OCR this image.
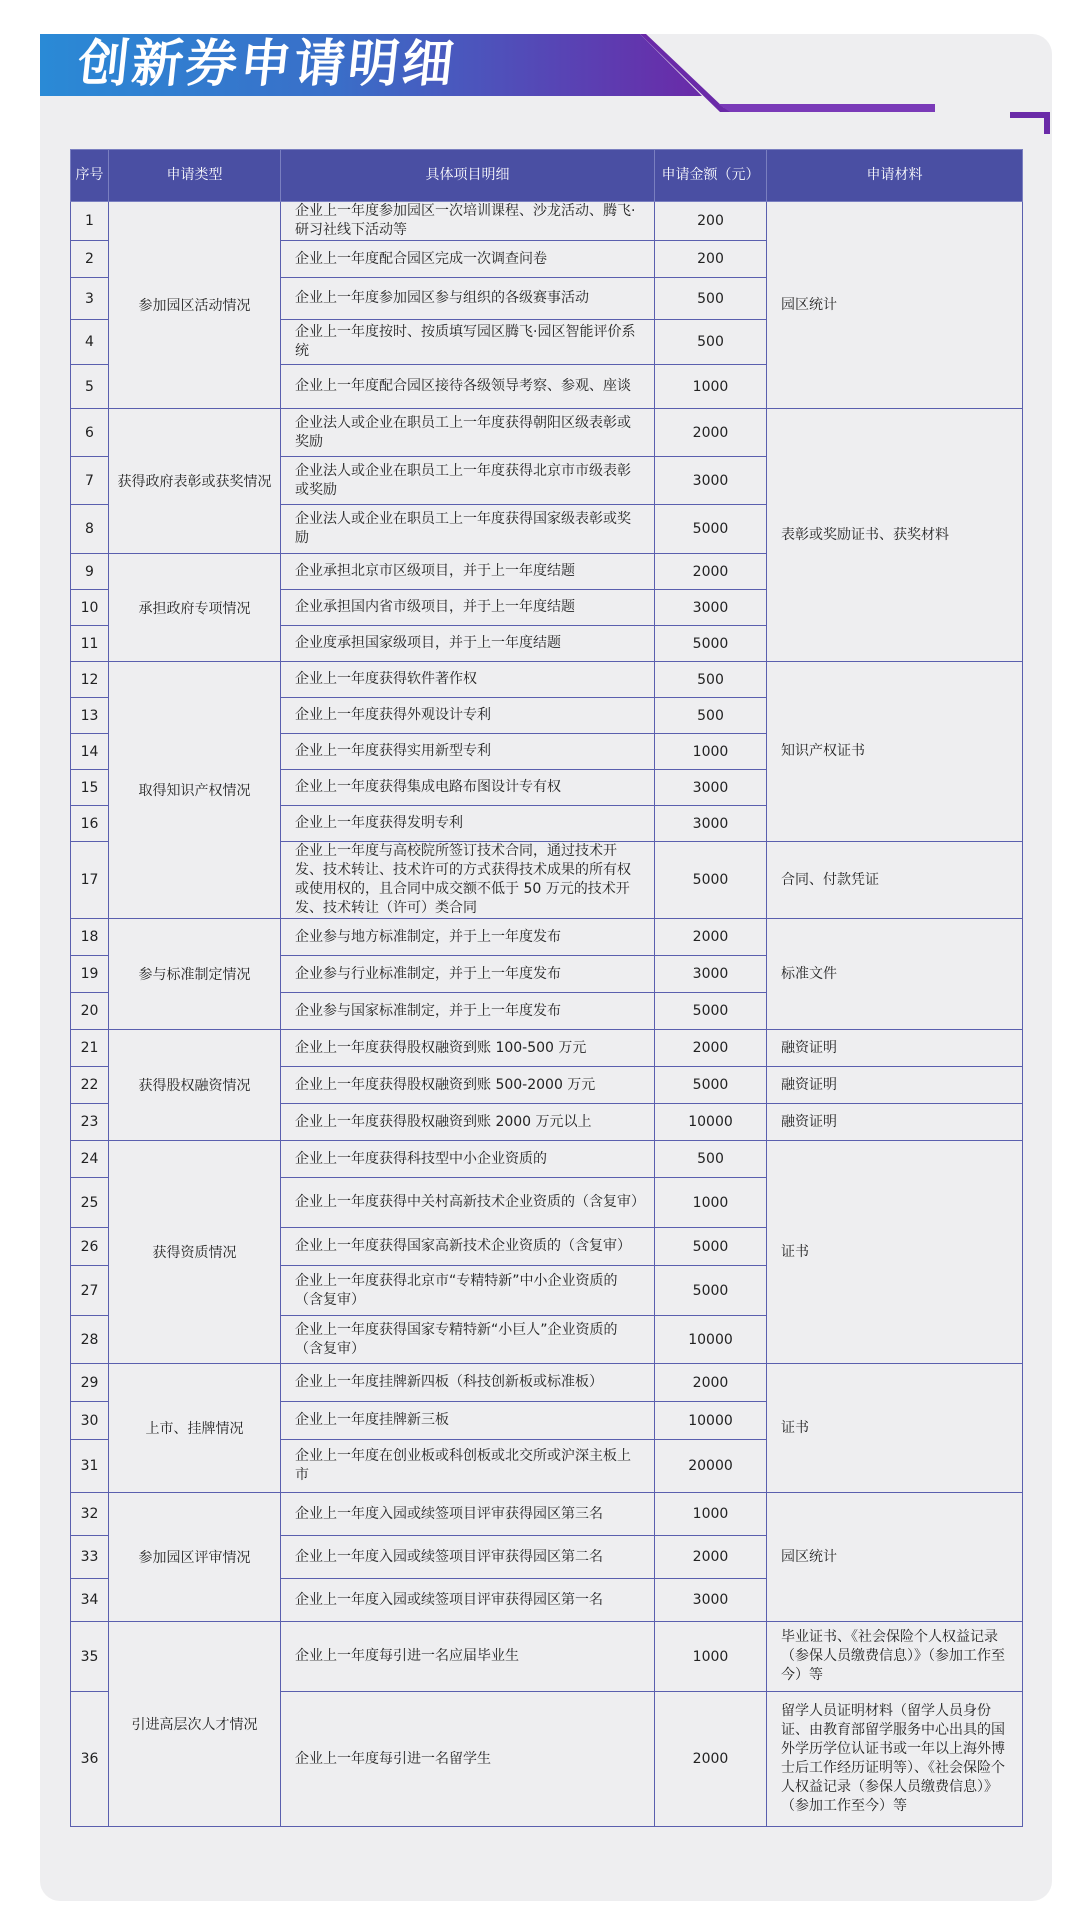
创新券申请明细
序号	申请类型	具体项目明细	申请金额（元）	申请材料
1	参加园区活动情况	企业上一年度参加园区一次培训课程、沙龙活动、腾飞·研习社线下活动等	200	园区统计
2		企业上一年度配合园区完成一次调查问卷	200	
3		企业上一年度参加园区参与组织的各级赛事活动	500	
4		企业上一年度按时、按质填写园区腾飞·园区智能评价系统	500	
5		企业上一年度配合园区接待各级领导考察、参观、座谈	1000	
6	获得政府表彰或获奖情况	企业法人或企业在职员工上一年度获得朝阳区级表彰或奖励	2000	表彰或奖励证书、获奖材料
7		企业法人或企业在职员工上一年度获得北京市市级表彰或奖励	3000	
8		企业法人或企业在职员工上一年度获得国家级表彰或奖励	5000	
9	承担政府专项情况	企业承担北京市区级项目，并于上一年度结题	2000	
10		企业承担国内省市级项目，并于上一年度结题	3000	
11		企业度承担国家级项目，并于上一年度结题	5000	
12	取得知识产权情况	企业上一年度获得软件著作权	500	知识产权证书
13		企业上一年度获得外观设计专利	500	
14		企业上一年度获得实用新型专利	1000	
15		企业上一年度获得集成电路布图设计专有权	3000	
16		企业上一年度获得发明专利	3000	
17		企业上一年度与高校院所签订技术合同，通过技术开发、技术转让、技术许可的方式获得技术成果的所有权或使用权的，且合同中成交额不低于 50 万元的技术开发、技术转让（许可）类合同	5000	合同、付款凭证
18	参与标准制定情况	企业参与地方标准制定，并于上一年度发布	2000	标准文件
19		企业参与行业标准制定，并于上一年度发布	3000	
20		企业参与国家标准制定，并于上一年度发布	5000	
21	获得股权融资情况	企业上一年度获得股权融资到账 100-500 万元	2000	融资证明
22		企业上一年度获得股权融资到账 500-2000 万元	5000	融资证明
23		企业上一年度获得股权融资到账 2000 万元以上	10000	融资证明
24	获得资质情况	企业上一年度获得科技型中小企业资质的	500	证书
25		企业上一年度获得中关村高新技术企业资质的（含复审）	1000	
26		企业上一年度获得国家高新技术企业资质的（含复审）	5000	
27		企业上一年度获得北京市“专精特新”中小企业资质的（含复审）	5000	
28		企业上一年度获得国家专精特新“小巨人”企业资质的（含复审）	10000	
29	上市、挂牌情况	企业上一年度挂牌新四板（科技创新板或标准板）	2000	证书
30		企业上一年度挂牌新三板	10000	
31		企业上一年度在创业板或科创板或北交所或沪深主板上市	20000	
32	参加园区评审情况	企业上一年度入园或续签项目评审获得园区第三名	1000	园区统计
33		企业上一年度入园或续签项目评审获得园区第二名	2000	
34		企业上一年度入园或续签项目评审获得园区第一名	3000	
35	引进高层次人才情况	企业上一年度每引进一名应届毕业生	1000	毕业证书、《社会保险个人权益记录（参保人员缴费信息）》（参加工作至今）等
36		企业上一年度每引进一名留学生	2000	留学人员证明材料（留学人员身份证、由教育部留学服务中心出具的国外学历学位认证书或一年以上海外博士后工作经历证明等）、《社会保险个人权益记录（参保人员缴费信息）》（参加工作至今）等
